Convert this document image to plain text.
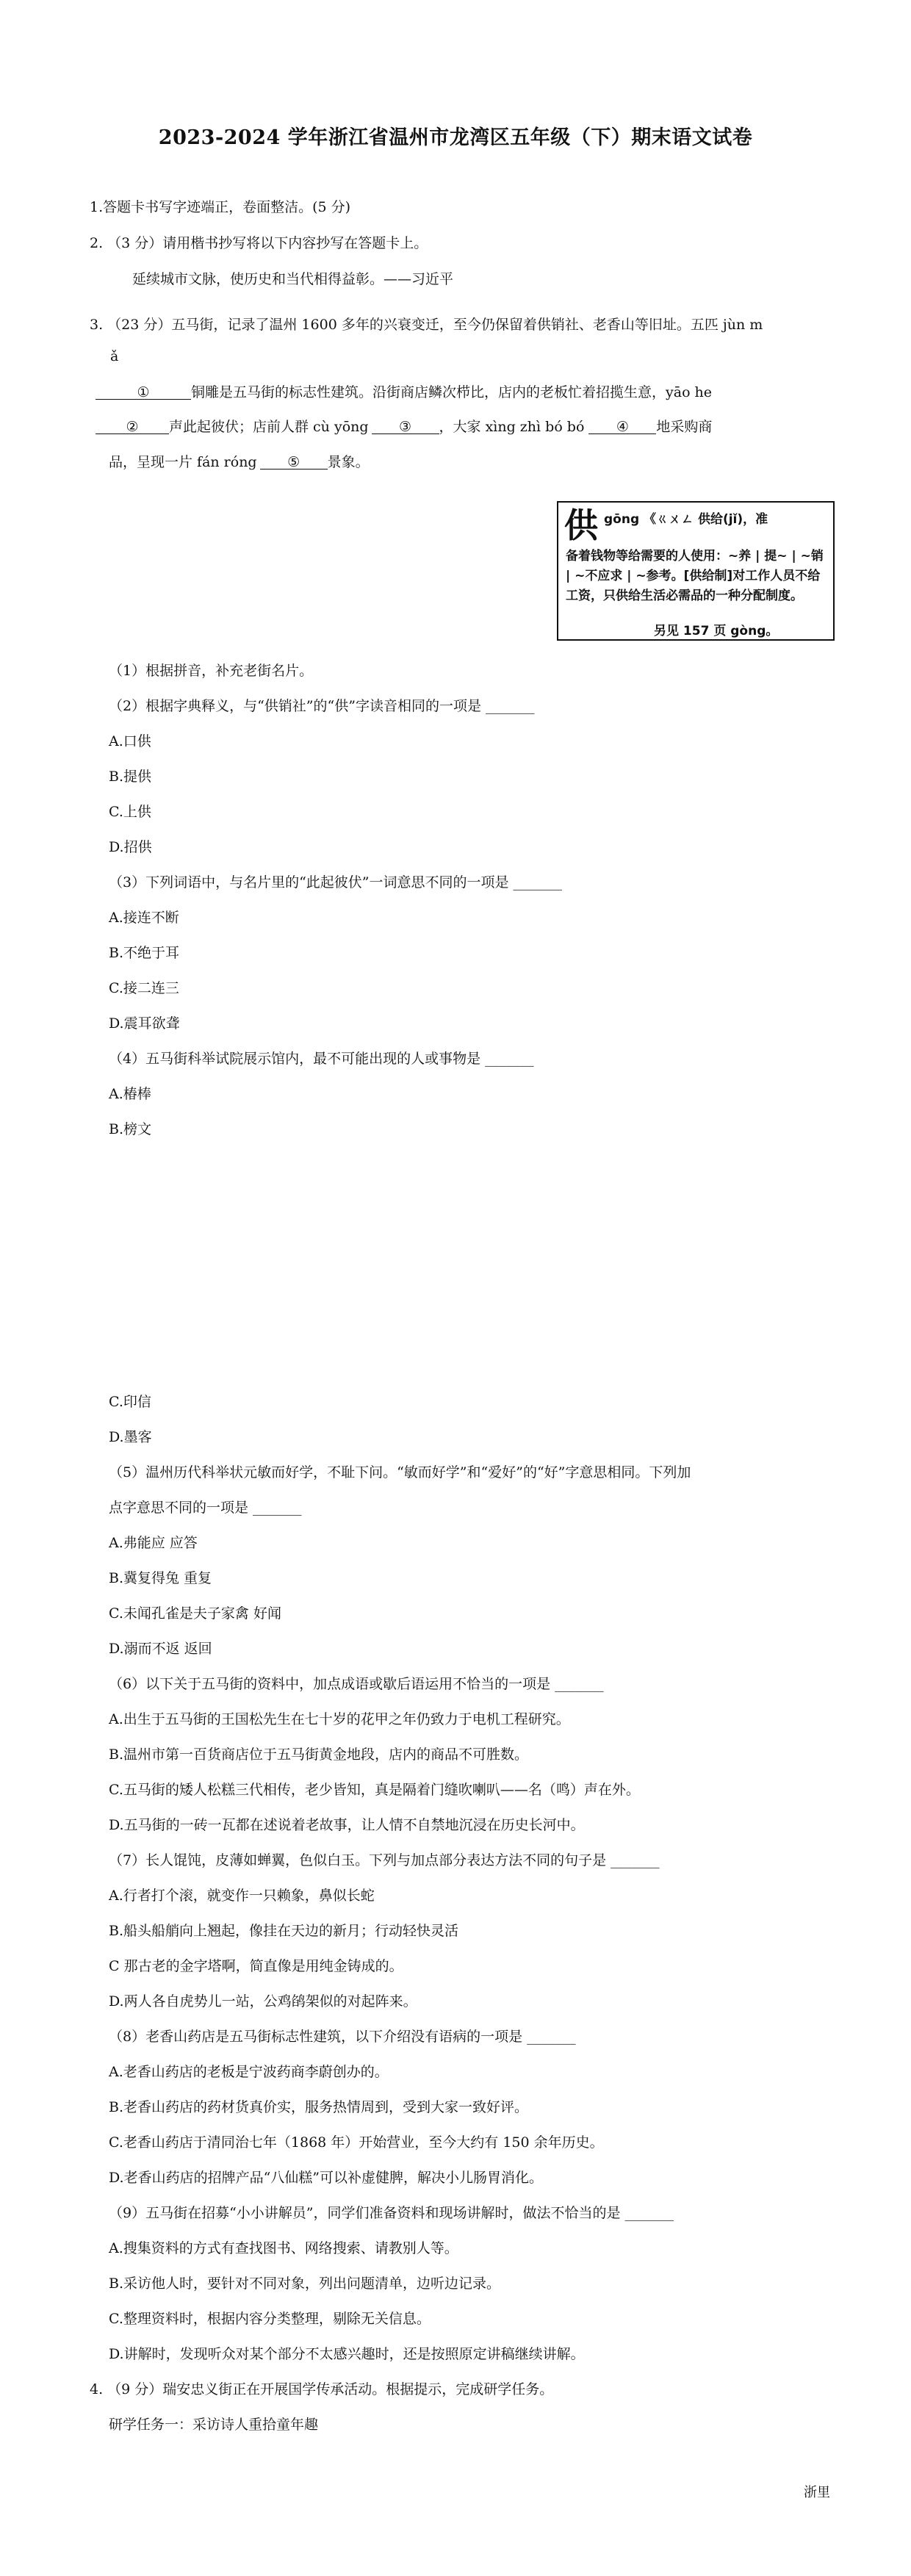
2023-2024 学年浙江省温州市龙湾区五年级（下）期末语文试卷
1.答题卡书写字迹端正，卷面整洁。(5 分)
2. （3 分）请用楷书抄写将以下内容抄写在答题卡上。
延续城市文脉，使历史和当代相得益彰。——习近平
3. （23 分）五马街，记录了温州 1600 多年的兴衰变迁，至今仍保留着供销社、老香山等旧址。五匹 jùn m
ǎ
①	铜雕是五马街的标志性建筑。沿街商店鳞次栉比，店内的老板忙着招揽生意，yāo he
② 声此起彼伏；店前人群 cù yōng ③ ，大家 xìng zhì bó bó ④ 地采购商
品，呈现一片 fán róng ⑤ 景象。
供 gōng 《ㄍㄨㄥ 供给(jǐ)，准
备着钱物等给需要的人使用：~养 | 提~ | ~销 | ~不应求 | ~参考。[供给制]对工作人员不给工资，只供给生活必需品的一种分配制度。
另见 157 页 gòng。
（1）根据拼音，补充老街名片。
（2）根据字典释义，与“供销社”的“供”字读音相同的一项是 _______
A.口供
B.提供
C.上供
D.招供
（3）下列词语中，与名片里的“此起彼伏”一词意思不同的一项是 _______
A.接连不断
B.不绝于耳
C.接二连三
D.震耳欲聋
（4）五马街科举试院展示馆内，最不可能出现的人或事物是 _______
A.椿棒
B.榜文
C.印信
D.墨客
（5）温州历代科举状元敏而好学，不耻下问。“敏而好学”和“爱好”的“好”字意思相同。下列加
点字意思不同的一项是 _______
A.弗能应 应答
B.冀复得兔 重复
C.未闻孔雀是夫子家禽 好闻
D.溺而不返 返回
（6）以下关于五马街的资料中，加点成语或歇后语运用不恰当的一项是 _______
A.出生于五马街的王国松先生在七十岁的花甲之年仍致力于电机工程研究。
B.温州市第一百货商店位于五马街黄金地段，店内的商品不可胜数。
C.五马街的矮人松糕三代相传，老少皆知，真是隔着门缝吹喇叭——名（鸣）声在外。
D.五马街的一砖一瓦都在述说着老故事，让人情不自禁地沉浸在历史长河中。
（7）长人馄饨，皮薄如蝉翼，色似白玉。下列与加点部分表达方法不同的句子是 _______
A.行者打个滚，就变作一只赖象，鼻似长蛇
B.船头船艄向上翘起，像挂在天边的新月；行动轻快灵活
C 那古老的金字塔啊，简直像是用纯金铸成的。
D.两人各自虎势儿一站，公鸡鹐架似的对起阵来。
（8）老香山药店是五马街标志性建筑，以下介绍没有语病的一项是 _______
A.老香山药店的老板是宁波药商李蔚创办的。
B.老香山药店的药材货真价实，服务热情周到，受到大家一致好评。
C.老香山药店于清同治七年（1868 年）开始营业，至今大约有 150 余年历史。
D.老香山药店的招牌产品“八仙糕”可以补虚健脾，解决小儿肠胃消化。
（9）五马街在招募“小小讲解员”，同学们准备资料和现场讲解时，做法不恰当的是 _______
A.搜集资料的方式有查找图书、网络搜索、请教别人等。
B.采访他人时，要针对不同对象，列出问题清单，边听边记录。
C.整理资料时，根据内容分类整理，剔除无关信息。
D.讲解时，发现听众对某个部分不太感兴趣时，还是按照原定讲稿继续讲解。
4. （9 分）瑞安忠义街正在开展国学传承活动。根据提示，完成研学任务。
研学任务一：采访诗人重拾童年趣
浙里
